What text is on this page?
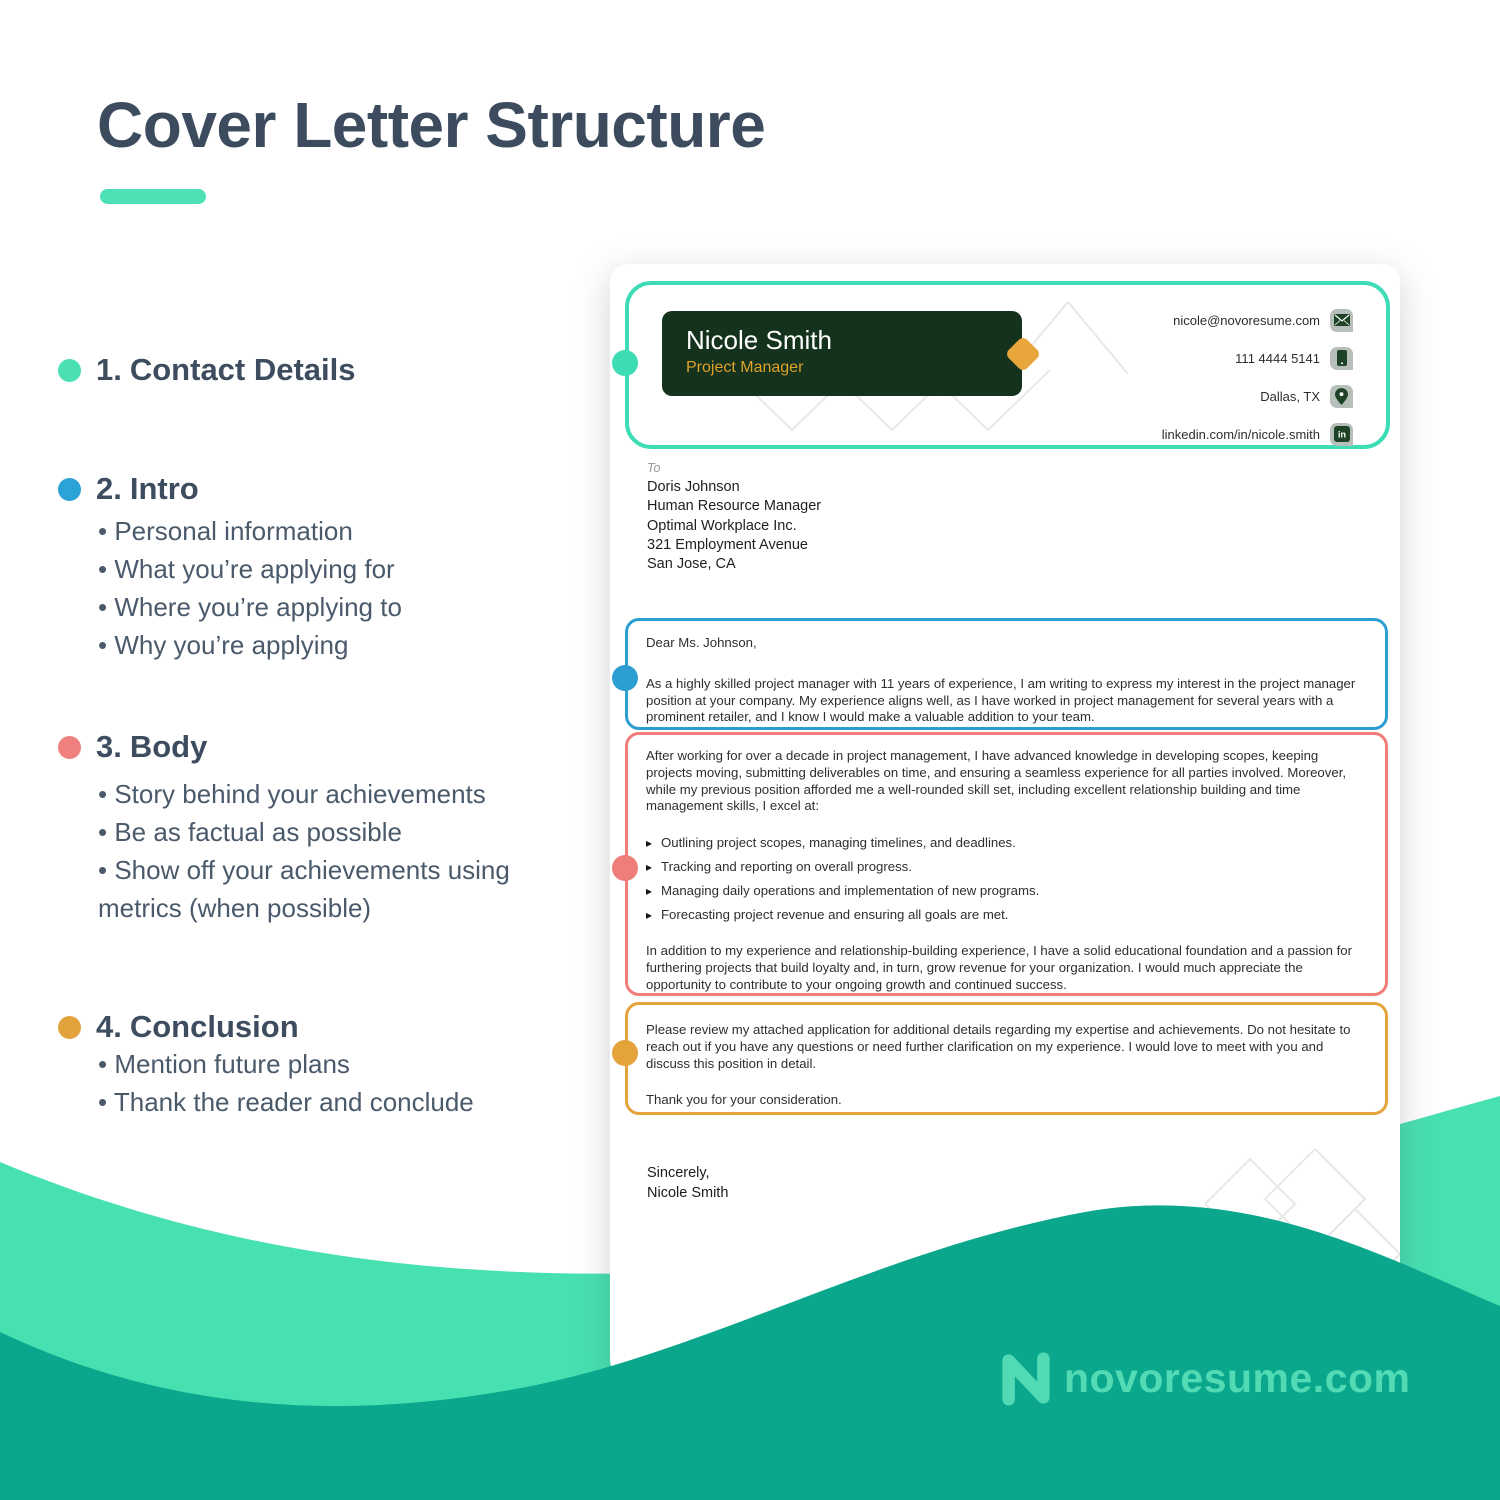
Cover Letter Structure
1. Contact Details
2. Intro
• Personal information
• What you’re applying for
• Where you’re applying to
• Why you’re applying
3. Body
• Story behind your achievements
• Be as factual as possible
• Show off your achievements using metrics (when possible)
4. Conclusion
• Mention future plans
• Thank the reader and conclude
Nicole Smith
Project Manager
nicole@novoresume.com
111 4444 5141
Dallas, TX
linkedin.com/in/nicole.smith in
To
Doris Johnson
Human Resource Manager
Optimal Workplace Inc.
321 Employment Avenue
San Jose, CA
Dear Ms. Johnson,
As a highly skilled project manager with 11 years of experience, I am writing to express my interest in the project manager position at your company. My experience aligns well, as I have worked in project management for several years with a prominent retailer, and I know I would make a valuable addition to your team.
After working for over a decade in project management, I have advanced knowledge in developing scopes, keeping projects moving, submitting deliverables on time, and ensuring a seamless experience for all parties involved. Moreover, while my previous position afforded me a well-rounded skill set, including excellent relationship building and time management skills, I excel at:
▸ Outlining project scopes, managing timelines, and deadlines.
▸ Tracking and reporting on overall progress.
▸ Managing daily operations and implementation of new programs.
▸ Forecasting project revenue and ensuring all goals are met.
In addition to my experience and relationship-building experience, I have a solid educational foundation and a passion for furthering projects that build loyalty and, in turn, grow revenue for your organization. I would much appreciate the opportunity to contribute to your ongoing growth and continued success.
Please review my attached application for additional details regarding my expertise and achievements. Do not hesitate to reach out if you have any questions or need further clarification on my experience. I would love to meet with you and discuss this position in detail.
Thank you for your consideration.
Sincerely,
Nicole Smith
novoresume.com
